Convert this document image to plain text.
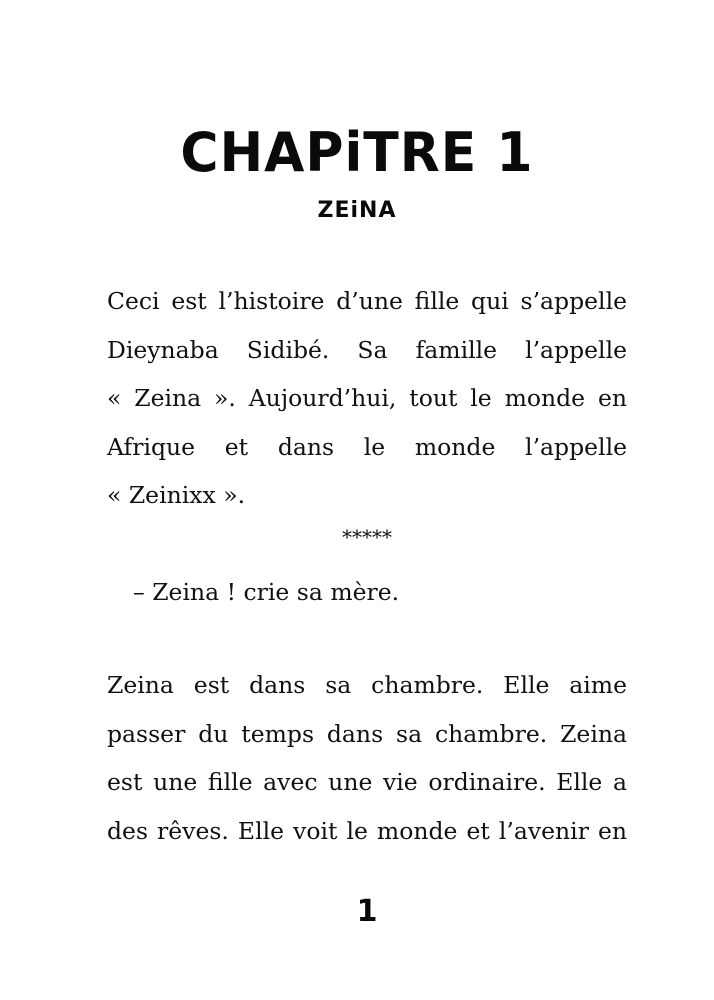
CHAPiTRE 1
ZEiNA
Ceci est l’histoire d’une fille qui s’appelle
Dieynaba Sidibé. Sa famille l’appelle
« Zeina ». Aujourd’hui, tout le monde en
Afrique et dans le monde l’appelle
« Zeinixx ».
*****
– Zeina ! crie sa mère.
Zeina est dans sa chambre. Elle aime
passer du temps dans sa chambre. Zeina
est une fille avec une vie ordinaire. Elle a
des rêves. Elle voit le monde et l’avenir en
1
